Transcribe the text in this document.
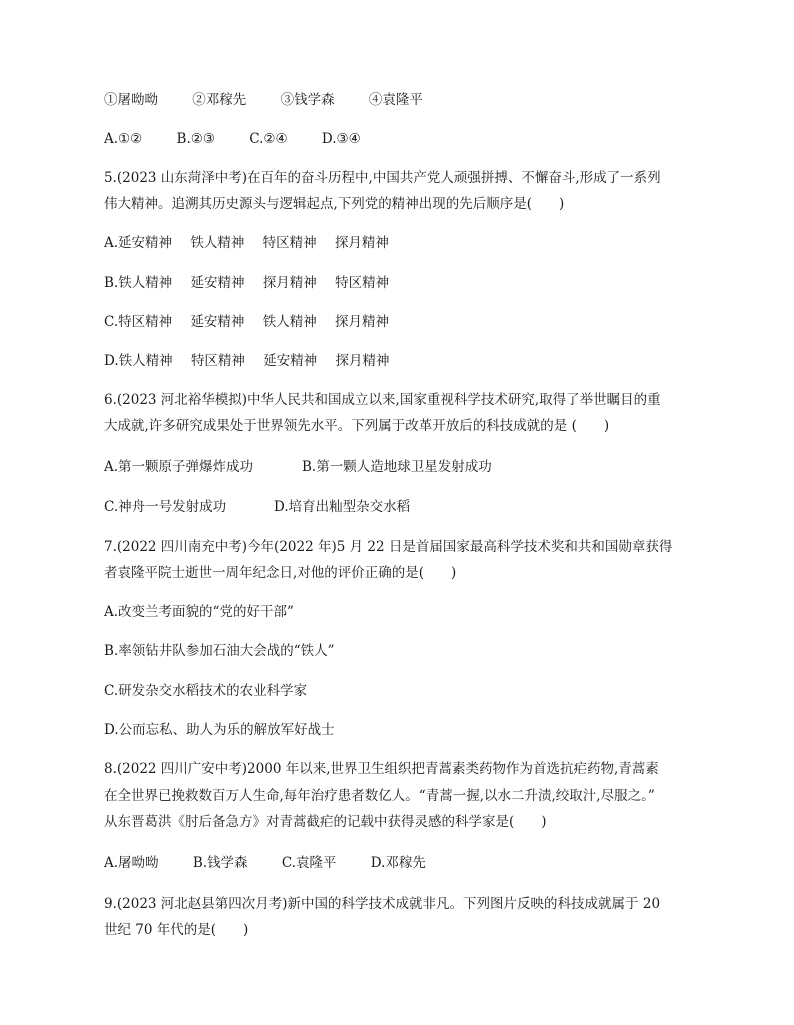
①屠呦呦	②邓稼先	③钱学森	④袁隆平
A.①②	B.②③	C.②④	D.③④
5.(2023 山东菏泽中考)在百年的奋斗历程中,中国共产党人顽强拼搏、不懈奋斗,形成了一系列
伟大精神。追溯其历史源头与逻辑起点,下列党的精神出现的先后顺序是(　　)
A.延安精神 铁人精神 特区精神 探月精神
B.铁人精神 延安精神 探月精神 特区精神
C.特区精神 延安精神 铁人精神 探月精神
D.铁人精神 特区精神 延安精神 探月精神
6.(2023 河北裕华模拟)中华人民共和国成立以来,国家重视科学技术研究,取得了举世瞩目的重
大成就,许多研究成果处于世界领先水平。下列属于改革开放后的科技成就的是 (　　)
A.第一颗原子弹爆炸成功	B.第一颗人造地球卫星发射成功
C.神舟一号发射成功	D.培育出籼型杂交水稻
7.(2022 四川南充中考)今年(2022 年)5 月 22 日是首届国家最高科学技术奖和共和国勋章获得
者袁隆平院士逝世一周年纪念日,对他的评价正确的是(　　)
A.改变兰考面貌的“党的好干部”
B.率领钻井队参加石油大会战的“铁人”
C.研发杂交水稻技术的农业科学家
D.公而忘私、助人为乐的解放军好战士
8.(2022 四川广安中考)2000 年以来,世界卫生组织把青蒿素类药物作为首选抗疟药物,青蒿素
在全世界已挽救数百万人生命,每年治疗患者数亿人。“青蒿一握,以水二升渍,绞取汁,尽服之。”
从东晋葛洪《肘后备急方》对青蒿截疟的记载中获得灵感的科学家是(　　)
A.屠呦呦	B.钱学森	C.袁隆平	D.邓稼先
9.(2023 河北赵县第四次月考)新中国的科学技术成就非凡。下列图片反映的科技成就属于 20
世纪 70 年代的是(　　)
